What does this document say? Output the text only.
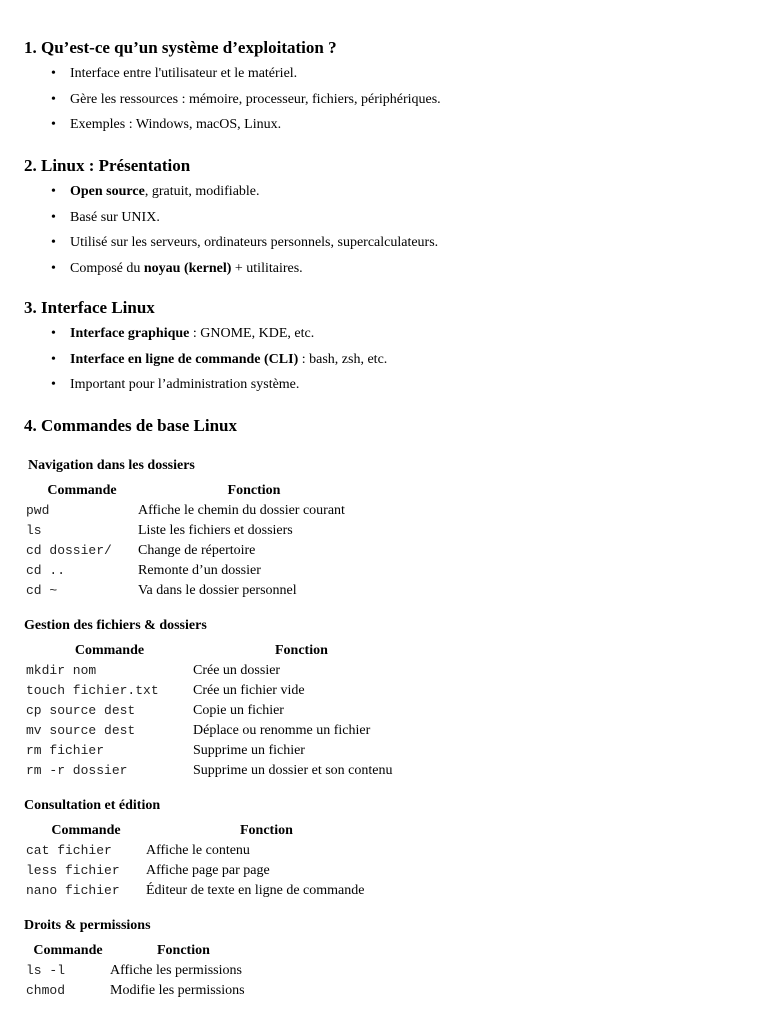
1. Qu’est-ce qu’un système d’exploitation ?
• Interface entre l'utilisateur et le matériel.
• Gère les ressources : mémoire, processeur, fichiers, périphériques.
• Exemples : Windows, macOS, Linux.
2. Linux : Présentation
• Open source, gratuit, modifiable.
• Basé sur UNIX.
• Utilisé sur les serveurs, ordinateurs personnels, supercalculateurs.
• Composé du noyau (kernel) + utilitaires.
3. Interface Linux
• Interface graphique : GNOME, KDE, etc.
• Interface en ligne de commande (CLI) : bash, zsh, etc.
• Important pour l’administration système.
4. Commandes de base Linux
Navigation dans les dossiers
Commande	Fonction
pwd	Affiche le chemin du dossier courant
ls	Liste les fichiers et dossiers
cd dossier/	Change de répertoire
cd ..	Remonte d’un dossier
cd ~	Va dans le dossier personnel
Gestion des fichiers & dossiers
Commande	Fonction
mkdir nom	Crée un dossier
touch fichier.txt	Crée un fichier vide
cp source dest	Copie un fichier
mv source dest	Déplace ou renomme un fichier
rm fichier	Supprime un fichier
rm -r dossier	Supprime un dossier et son contenu
Consultation et édition
Commande	Fonction
cat fichier	Affiche le contenu
less fichier	Affiche page par page
nano fichier	Éditeur de texte en ligne de commande
Droits & permissions
Commande	Fonction
ls -l	Affiche les permissions
chmod	Modifie les permissions
